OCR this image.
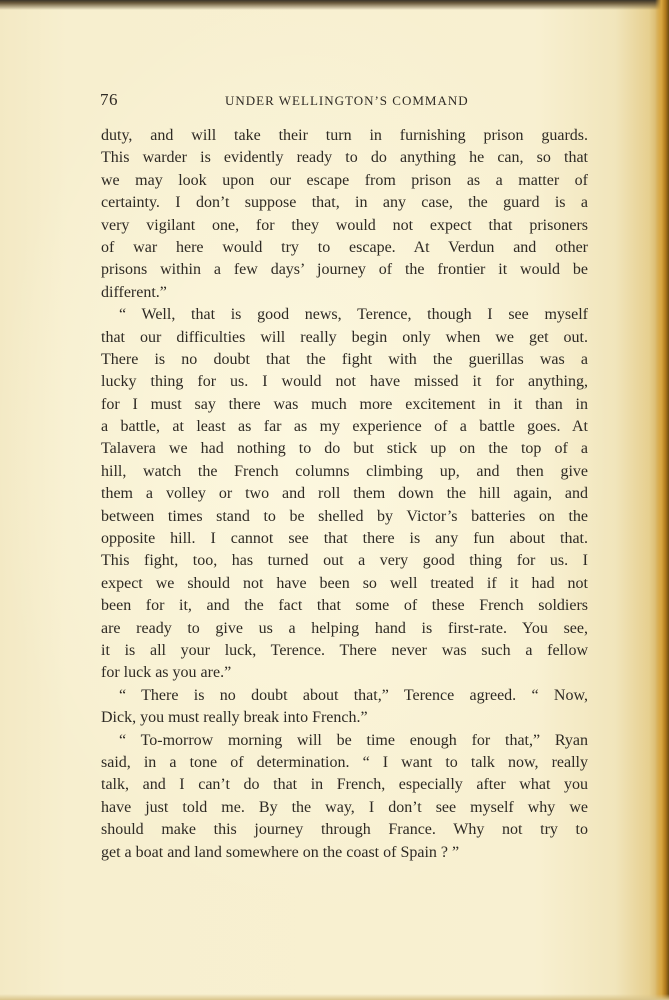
76	UNDER WELLINGTON’S COMMAND
duty, and will take their turn in furnishing prison guards.
This warder is evidently ready to do anything he can, so that
we may look upon our escape from prison as a matter of
certainty. I don’t suppose that, in any case, the guard is a
very vigilant one, for they would not expect that prisoners
of war here would try to escape. At Verdun and other
prisons within a few days’ journey of the frontier it would be
different.”
“ Well, that is good news, Terence, though I see myself
that our difficulties will really begin only when we get out.
There is no doubt that the fight with the guerillas was a
lucky thing for us. I would not have missed it for anything,
for I must say there was much more excitement in it than in
a battle, at least as far as my experience of a battle goes. At
Talavera we had nothing to do but stick up on the top of a
hill, watch the French columns climbing up, and then give
them a volley or two and roll them down the hill again, and
between times stand to be shelled by Victor’s batteries on the
opposite hill. I cannot see that there is any fun about that.
This fight, too, has turned out a very good thing for us. I
expect we should not have been so well treated if it had not
been for it, and the fact that some of these French soldiers
are ready to give us a helping hand is first-rate. You see,
it is all your luck, Terence. There never was such a fellow
for luck as you are.”
“ There is no doubt about that,” Terence agreed. “ Now,
Dick, you must really break into French.”
“ To-morrow morning will be time enough for that,” Ryan
said, in a tone of determination. “ I want to talk now, really
talk, and I can’t do that in French, especially after what you
have just told me. By the way, I don’t see myself why we
should make this journey through France. Why not try to
get a boat and land somewhere on the coast of Spain ? ”
